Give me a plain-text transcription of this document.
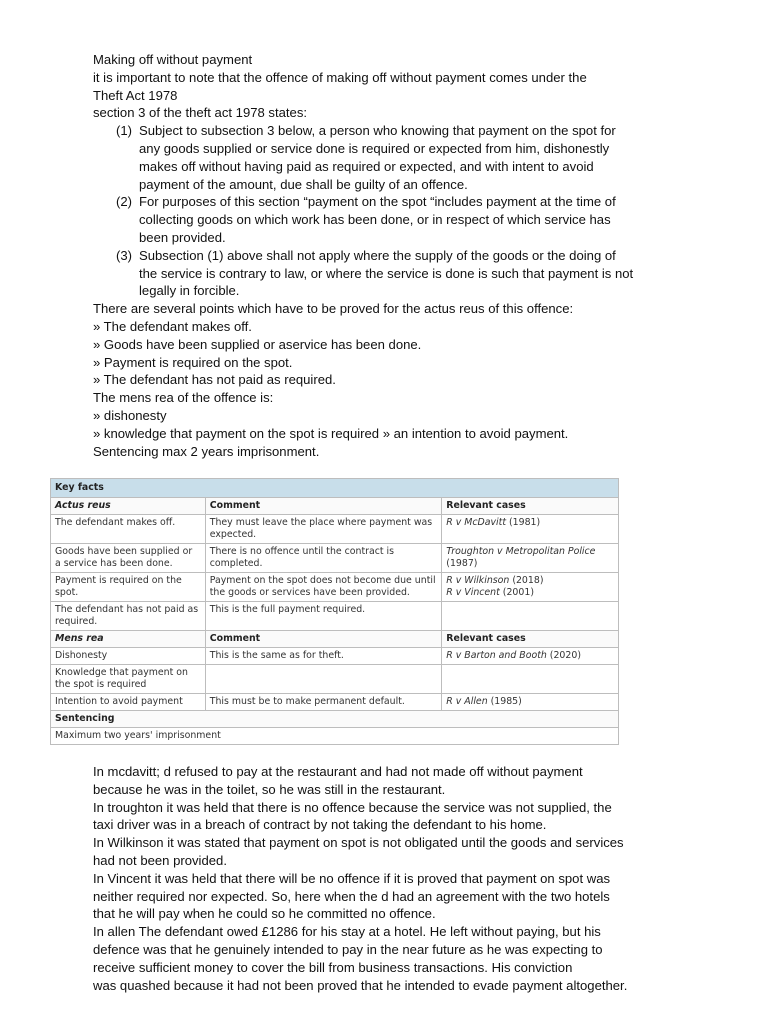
Making off without payment
it is important to note that the offence of making off without payment comes under the
Theft Act 1978
section 3 of the theft act 1978 states:
(1) Subject to subsection 3 below, a person who knowing that payment on the spot for
any goods supplied or service done is required or expected from him, dishonestly
makes off without having paid as required or expected, and with intent to avoid
payment of the amount, due shall be guilty of an offence.
(2) For purposes of this section “payment on the spot “includes payment at the time of
collecting goods on which work has been done, or in respect of which service has
been provided.
(3) Subsection (1) above shall not apply where the supply of the goods or the doing of
the service is contrary to law, or where the service is done is such that payment is not
legally in forcible.
There are several points which have to be proved for the actus reus of this offence:
» The defendant makes off.
» Goods have been supplied or aservice has been done.
» Payment is required on the spot.
» The defendant has not paid as required.
The mens rea of the offence is:
» dishonesty
» knowledge that payment on the spot is required » an intention to avoid payment.
Sentencing max 2 years imprisonment.
Key facts		
Actus reus	Comment	Relevant cases
The defendant makes off.	They must leave the place where payment was expected.	R v McDavitt (1981)

Goods have been supplied or a service has been done.	There is no offence until the contract is completed.	Troughton v Metropolitan Police
(1987)

Payment is required on the spot.	Payment on the spot does not become due until the goods or services have been provided.	R v Wilkinson (2018)
R v Vincent (2001)

The defendant has not paid as required.	This is the full payment required.	
Mens rea	Comment	Relevant cases
Dishonesty	This is the same as for theft.	R v Barton and Booth (2020)

Knowledge that payment on the spot is required		
Intention to avoid payment	This must be to make permanent default.	R v Allen (1985)

Sentencing		
Maximum two years' imprisonment		
In mcdavitt; d refused to pay at the restaurant and had not made off without payment
because he was in the toilet, so he was still in the restaurant.
In troughton it was held that there is no offence because the service was not supplied, the
taxi driver was in a breach of contract by not taking the defendant to his home.
In Wilkinson it was stated that payment on spot is not obligated until the goods and services
had not been provided.
In Vincent it was held that there will be no offence if it is proved that payment on spot was
neither required nor expected. So, here when the d had an agreement with the two hotels
that he will pay when he could so he committed no offence.
In allen The defendant owed £1286 for his stay at a hotel. He left without paying, but his
defence was that he genuinely intended to pay in the near future as he was expecting to
receive sufficient money to cover the bill from business transactions. His conviction
was quashed because it had not been proved that he intended to evade payment altogether.
